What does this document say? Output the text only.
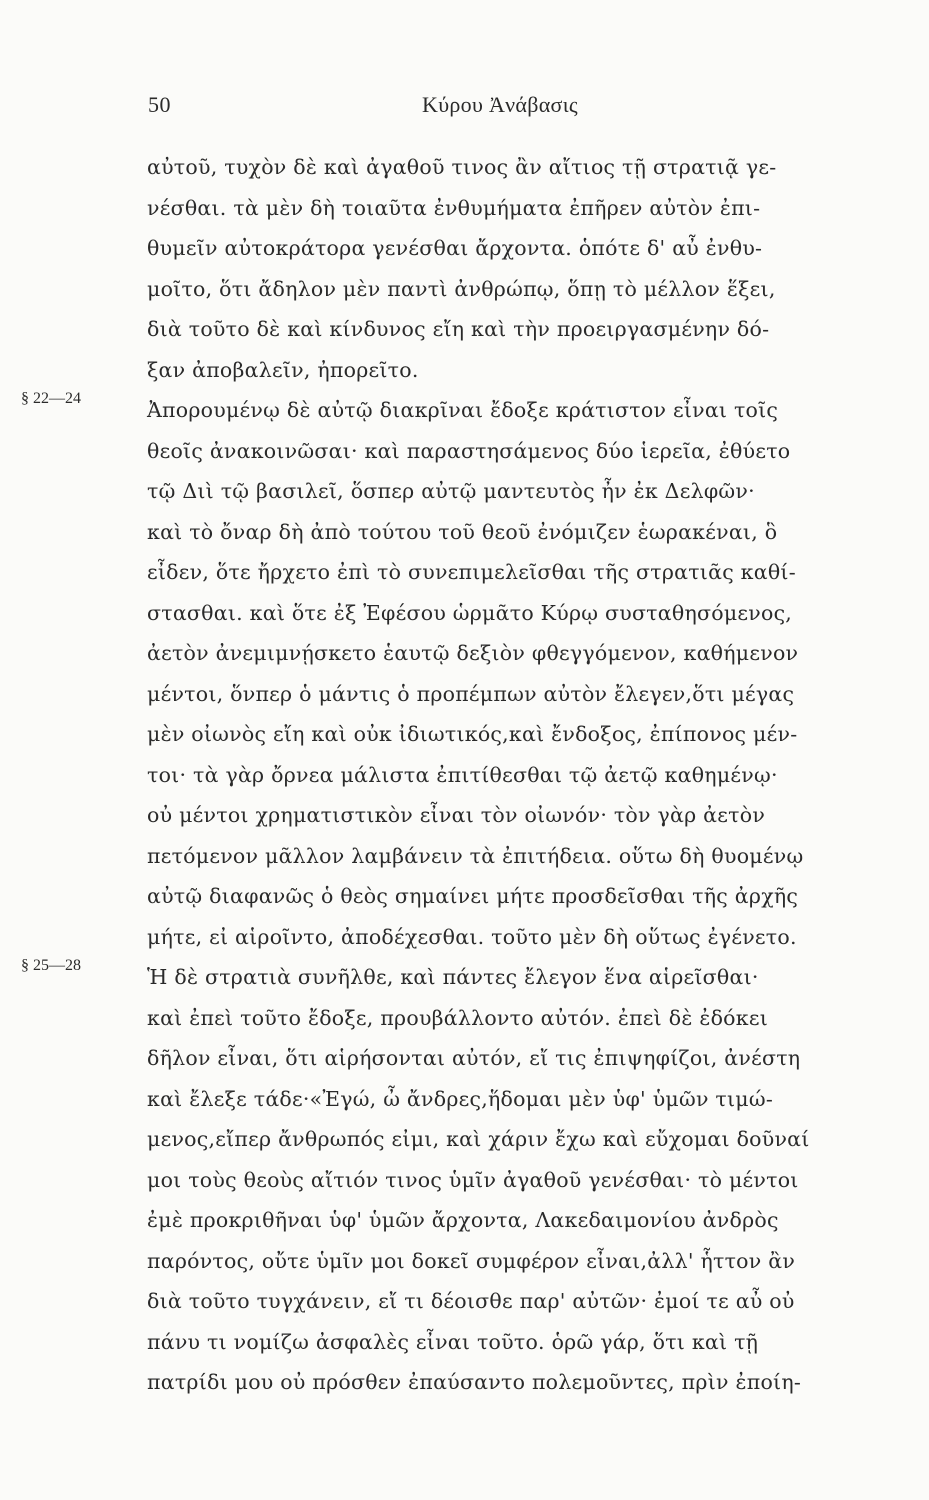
50	Κύρου Ἀνάβασις
αὐτοῦ, τυχὸν δὲ καὶ ἀγαθοῦ τινος ἂν αἴτιος τῇ στρατιᾷ γε-
νέσθαι. τὰ μὲν δὴ τοιαῦτα ἐνθυμήματα ἐπῆρεν αὐτὸν ἐπι-
θυμεῖν αὐτοκράτορα γενέσθαι ἄρχοντα. ὁπότε δ' αὖ ἐνθυ-
μοῖτο, ὅτι ἄδηλον μὲν παντὶ ἀνθρώπῳ, ὅπῃ τὸ μέλλον ἕξει,
διὰ τοῦτο δὲ καὶ κίνδυνος εἴη καὶ τὴν προειργασμένην δό-
ξαν ἀποβαλεῖν, ἠπορεῖτο.
§ 22—24	Ἀπορουμένῳ δὲ αὐτῷ διακρῖναι ἔδοξε κράτιστον εἶναι τοῖς
θεοῖς ἀνακοινῶσαι· καὶ παραστησάμενος δύο ἱερεῖα, ἐθύετο
τῷ Διὶ τῷ βασιλεῖ, ὅσπερ αὐτῷ μαντευτὸς ἦν ἐκ Δελφῶν·
καὶ τὸ ὄναρ δὴ ἀπὸ τούτου τοῦ θεοῦ ἐνόμιζεν ἑωρακέναι, ὃ
εἶδεν, ὅτε ἤρχετο ἐπὶ τὸ συνεπιμελεῖσθαι τῆς στρατιᾶς καθί-
στασθαι. καὶ ὅτε ἐξ Ἐφέσου ὡρμᾶτο Κύρῳ συσταθησόμενος,
ἀετὸν ἀνεμιμνῄσκετο ἑαυτῷ δεξιὸν φθεγγόμενον, καθήμενον
μέντοι, ὅνπερ ὁ μάντις ὁ προπέμπων αὐτὸν ἔλεγεν,ὅτι μέγας
μὲν οἰωνὸς εἴη καὶ οὐκ ἰδιωτικός,καὶ ἔνδοξος, ἐπίπονος μέν-
τοι· τὰ γὰρ ὄρνεα μάλιστα ἐπιτίθεσθαι τῷ ἀετῷ καθημένῳ·
οὐ μέντοι χρηματιστικὸν εἶναι τὸν οἰωνόν· τὸν γὰρ ἀετὸν
πετόμενον μᾶλλον λαμβάνειν τὰ ἐπιτήδεια. οὕτω δὴ θυομένῳ
αὐτῷ διαφανῶς ὁ θεὸς σημαίνει μήτε προσδεῖσθαι τῆς ἀρχῆς
μήτε, εἰ αἱροῖντο, ἀποδέχεσθαι. τοῦτο μὲν δὴ οὕτως ἐγένετο.
§ 25—28	Ἡ δὲ στρατιὰ συνῆλθε, καὶ πάντες ἔλεγον ἕνα αἱρεῖσθαι·
καὶ ἐπεὶ τοῦτο ἔδοξε, προυβάλλοντο αὐτόν. ἐπεὶ δὲ ἐδόκει
δῆλον εἶναι, ὅτι αἱρήσονται αὐτόν, εἴ τις ἐπιψηφίζοι, ἀνέστη
καὶ ἔλεξε τάδε·«Ἐγώ, ὦ ἄνδρες,ἥδομαι μὲν ὑφ' ὑμῶν τιμώ-
μενος,εἴπερ ἄνθρωπός εἰμι, καὶ χάριν ἔχω καὶ εὔχομαι δοῦναί
μοι τοὺς θεοὺς αἴτιόν τινος ὑμῖν ἀγαθοῦ γενέσθαι· τὸ μέντοι
ἐμὲ προκριθῆναι ὑφ' ὑμῶν ἄρχοντα, Λακεδαιμονίου ἀνδρὸς
παρόντος, οὔτε ὑμῖν μοι δοκεῖ συμφέρον εἶναι,ἀλλ' ἧττον ἂν
διὰ τοῦτο τυγχάνειν, εἴ τι δέοισθε παρ' αὐτῶν· ἐμοί τε αὖ οὐ
πάνυ τι νομίζω ἀσφαλὲς εἶναι τοῦτο. ὁρῶ γάρ, ὅτι καὶ τῇ
πατρίδι μου οὐ πρόσθεν ἐπαύσαντο πολεμοῦντες, πρὶν ἐποίη-
